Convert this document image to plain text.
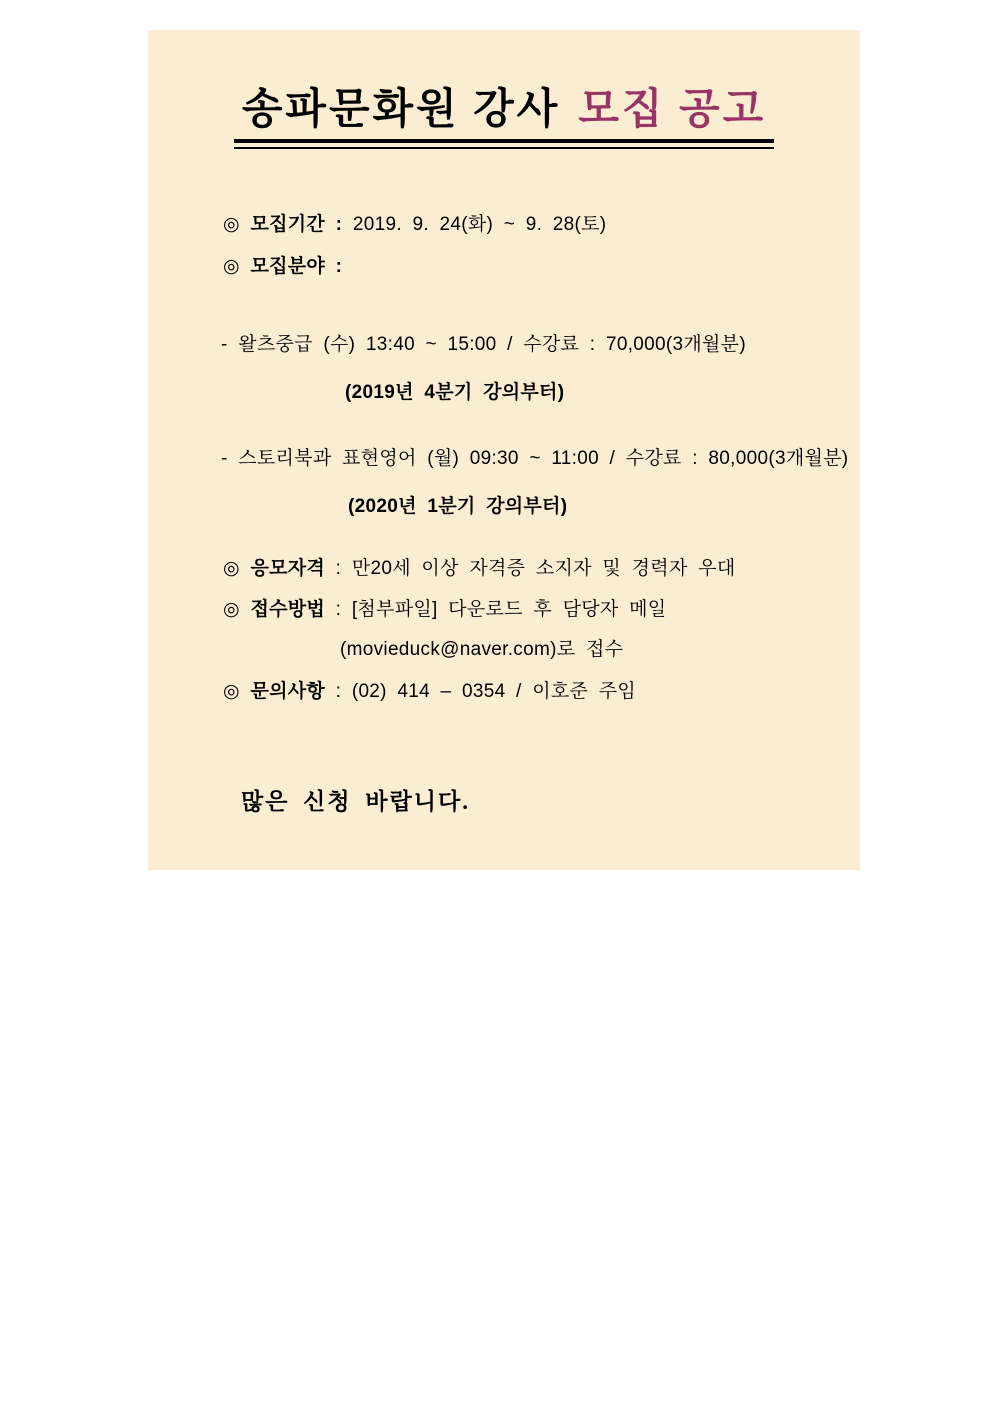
송파문화원 강사 모집 공고
◎ 모집기간 : 2019. 9. 24(화) ~ 9. 28(토)
◎ 모집분야 :
- 왈츠중급 (수) 13:40 ~ 15:00 / 수강료 : 70,000(3개월분)
(2019년 4분기 강의부터)
- 스토리북과 표현영어 (월) 09:30 ~ 11:00 / 수강료 : 80,000(3개월분)
(2020년 1분기 강의부터)
◎ 응모자격 : 만20세 이상 자격증 소지자 및 경력자 우대
◎ 접수방법 : [첨부파일] 다운로드 후 담당자 메일
(movieduck@naver.com)로 접수
◎ 문의사항 : (02) 414 – 0354 / 이호준 주임
많은 신청 바랍니다.
